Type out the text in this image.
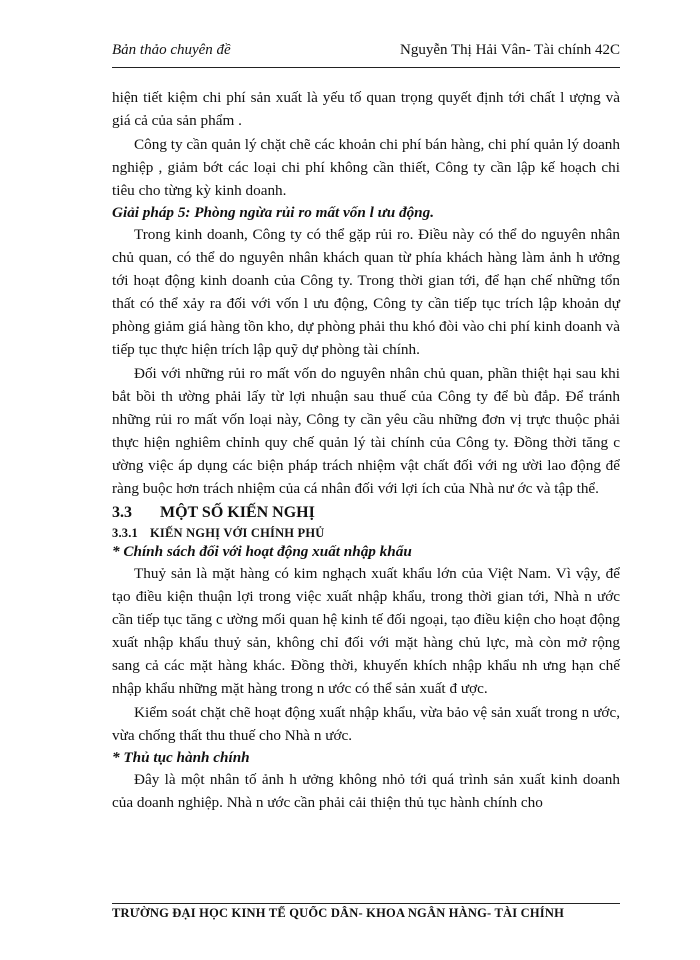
Bản thảo chuyên đề	Nguyễn Thị Hải Vân- Tài chính 42C

hiện tiết kiệm chi phí sản xuất là yếu tố quan trọng quyết định tới chất l ượng và giá cả của sản phẩm .

Công ty cần quản lý chặt chẽ các khoản chi phí bán hàng, chi phí quản lý doanh nghiệp , giảm bớt các loại chi phí không cần thiết, Công ty cần lập kế hoạch chi tiêu cho từng kỳ kinh doanh.

Giải pháp 5: Phòng ngừa rủi ro mất vốn l ưu động.

Trong kinh doanh, Công ty có thể gặp rủi ro. Điều này có thể do nguyên nhân chủ quan, có thể do nguyên nhân khách quan từ phía khách hàng làm ảnh h ưởng tới hoạt động kinh doanh của Công ty. Trong thời gian tới, để hạn chế những tổn thất có thể xảy ra đối với vốn l ưu động, Công ty cần tiếp tục trích lập khoản dự phòng giảm giá hàng tồn kho, dự phòng phải thu khó đòi vào chi phí kinh doanh và tiếp tục thực hiện trích lập quỹ dự phòng tài chính.

Đối với những rủi ro mất vốn do nguyên nhân chủ quan, phần thiệt hại sau khi bắt bồi th ường phải lấy từ lợi nhuận sau thuế của Công ty để bù đắp. Để tránh những rủi ro mất vốn loại này, Công ty cần yêu cầu những đơn vị trực thuộc phải thực hiện nghiêm chỉnh quy chế quản lý tài chính của Công ty. Đồng thời tăng c ường việc áp dụng các biện pháp trách nhiệm vật chất đối với ng ười lao động để ràng buộc hơn trách nhiệm của cá nhân đối với lợi ích của Nhà nư ớc và tập thể.

3.3 MỘT SỐ KIẾN NGHỊ
3.3.1 KIẾN NGHỊ VỚI CHÍNH PHỦ

* Chính sách đối với hoạt động xuất nhập khẩu

Thuỷ sản là mặt hàng có kim nghạch xuất khẩu lớn của Việt Nam. Vì vậy, để tạo điều kiện thuận lợi trong việc xuất nhập khẩu, trong thời gian tới, Nhà n ước cần tiếp tục tăng c ường mối quan hệ kinh tế đối ngoại, tạo điều kiện cho hoạt động xuất nhập khẩu thuỷ sản, không chỉ đối với mặt hàng chủ lực, mà còn mở rộng sang cả các mặt hàng khác. Đồng thời, khuyến khích nhập khẩu nh ưng hạn chế nhập khẩu những mặt hàng trong n ước có thể sản xuất đ ược.

Kiểm soát chặt chẽ hoạt động xuất nhập khẩu, vừa bảo vệ sản xuất trong n ước, vừa chống thất thu thuế cho Nhà n ước.

* Thủ tục hành chính

Đây là một nhân tố ảnh h ưởng không nhỏ tới quá trình sản xuất kinh doanh của doanh nghiệp. Nhà n ước cần phải cải thiện thủ tục hành chính cho

TRƯỜNG ĐẠI HỌC KINH TẾ QUỐC DÂN- KHOA NGÂN HÀNG- TÀI CHÍNH
